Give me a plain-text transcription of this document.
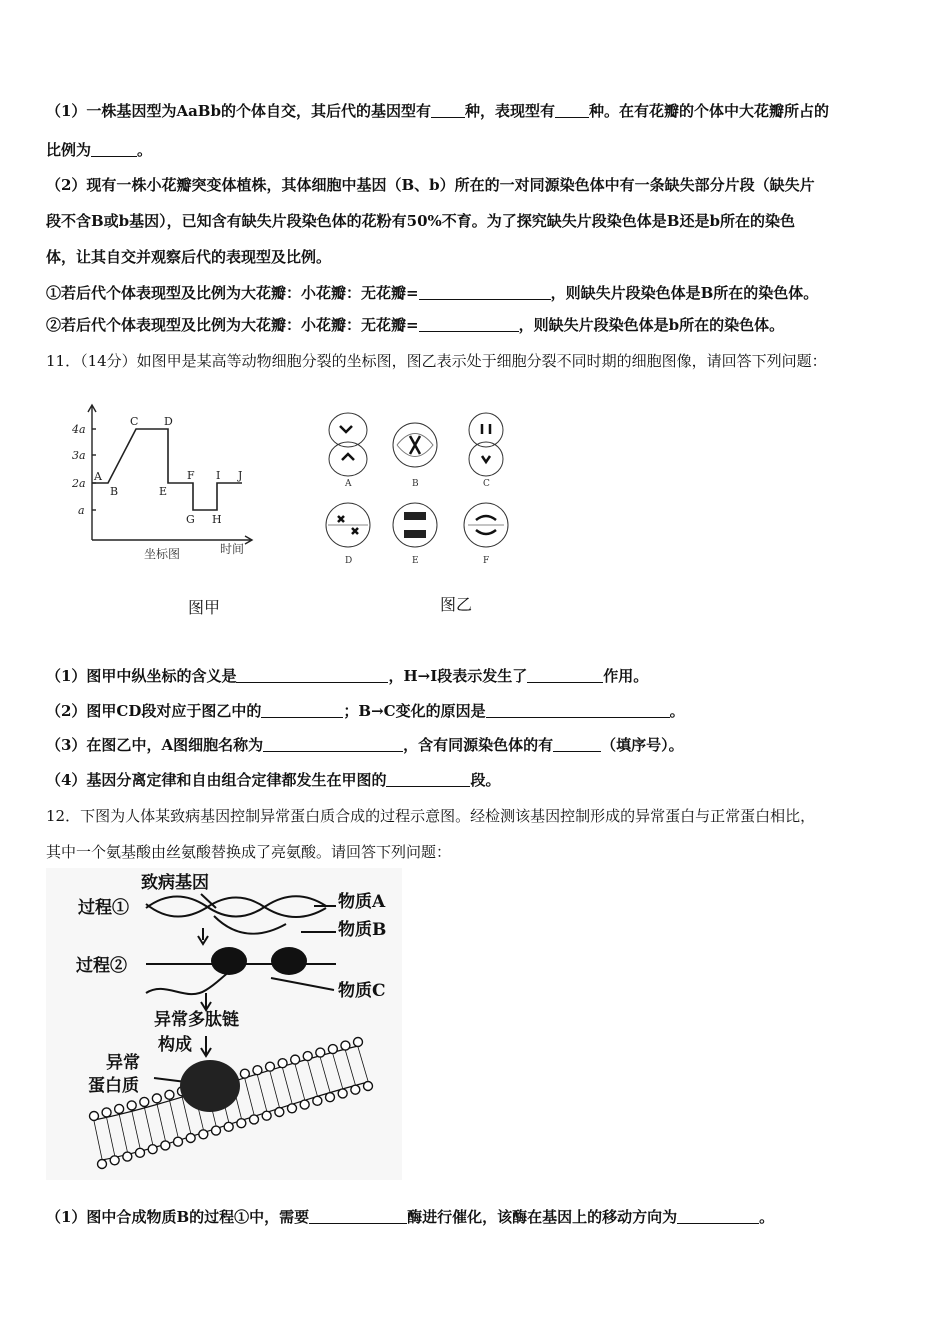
（1）一株基因型为AaBb的个体自交，其后代的基因型有 种，表现型有 种。在有花瓣的个体中大花瓣所占的
比例为	。
（2）现有一株小花瓣突变体植株，其体细胞中基因（B、b）所在的一对同源染色体中有一条缺失部分片段（缺失片
段不含B或b基因），已知含有缺失片段染色体的花粉有50%不育。为了探究缺失片段染色体是B还是b所在的染色
体，让其自交并观察后代的表现型及比例。
①若后代个体表现型及比例为大花瓣：小花瓣：无花瓣=	，则缺失片段染色体是B所在的染色体。
②若后代个体表现型及比例为大花瓣：小花瓣：无花瓣=	，则缺失片段染色体是b所在的染色体。
11．（14分）如图甲是某高等动物细胞分裂的坐标图，图乙表示处于细胞分裂不同时期的细胞图像，请回答下列问题：
4a
3a
2a
a
A
B
C D
E
F
G H
I J
坐标图	时间
图甲
A	B	C
D	E	F
图乙
（1）图甲中纵坐标的含义是	，H→I段表示发生了	作用。
（2）图甲CD段对应于图乙中的	；B→C变化的原因是	。
（3）在图乙中，A图细胞名称为	，含有同源染色体的有	（填序号）。
（4）基因分离定律和自由组合定律都发生在甲图的	段。
12．下图为人体某致病基因控制异常蛋白质合成的过程示意图。经检测该基因控制形成的异常蛋白与正常蛋白相比，
其中一个氨基酸由丝氨酸替换成了亮氨酸。请回答下列问题：
致病基因
过程①
过程②
物质A
物质B
物质C
异常多肽链
构成
异常
蛋白质
（1）图中合成物质B的过程①中，需要	酶进行催化，该酶在基因上的移动方向为	。
